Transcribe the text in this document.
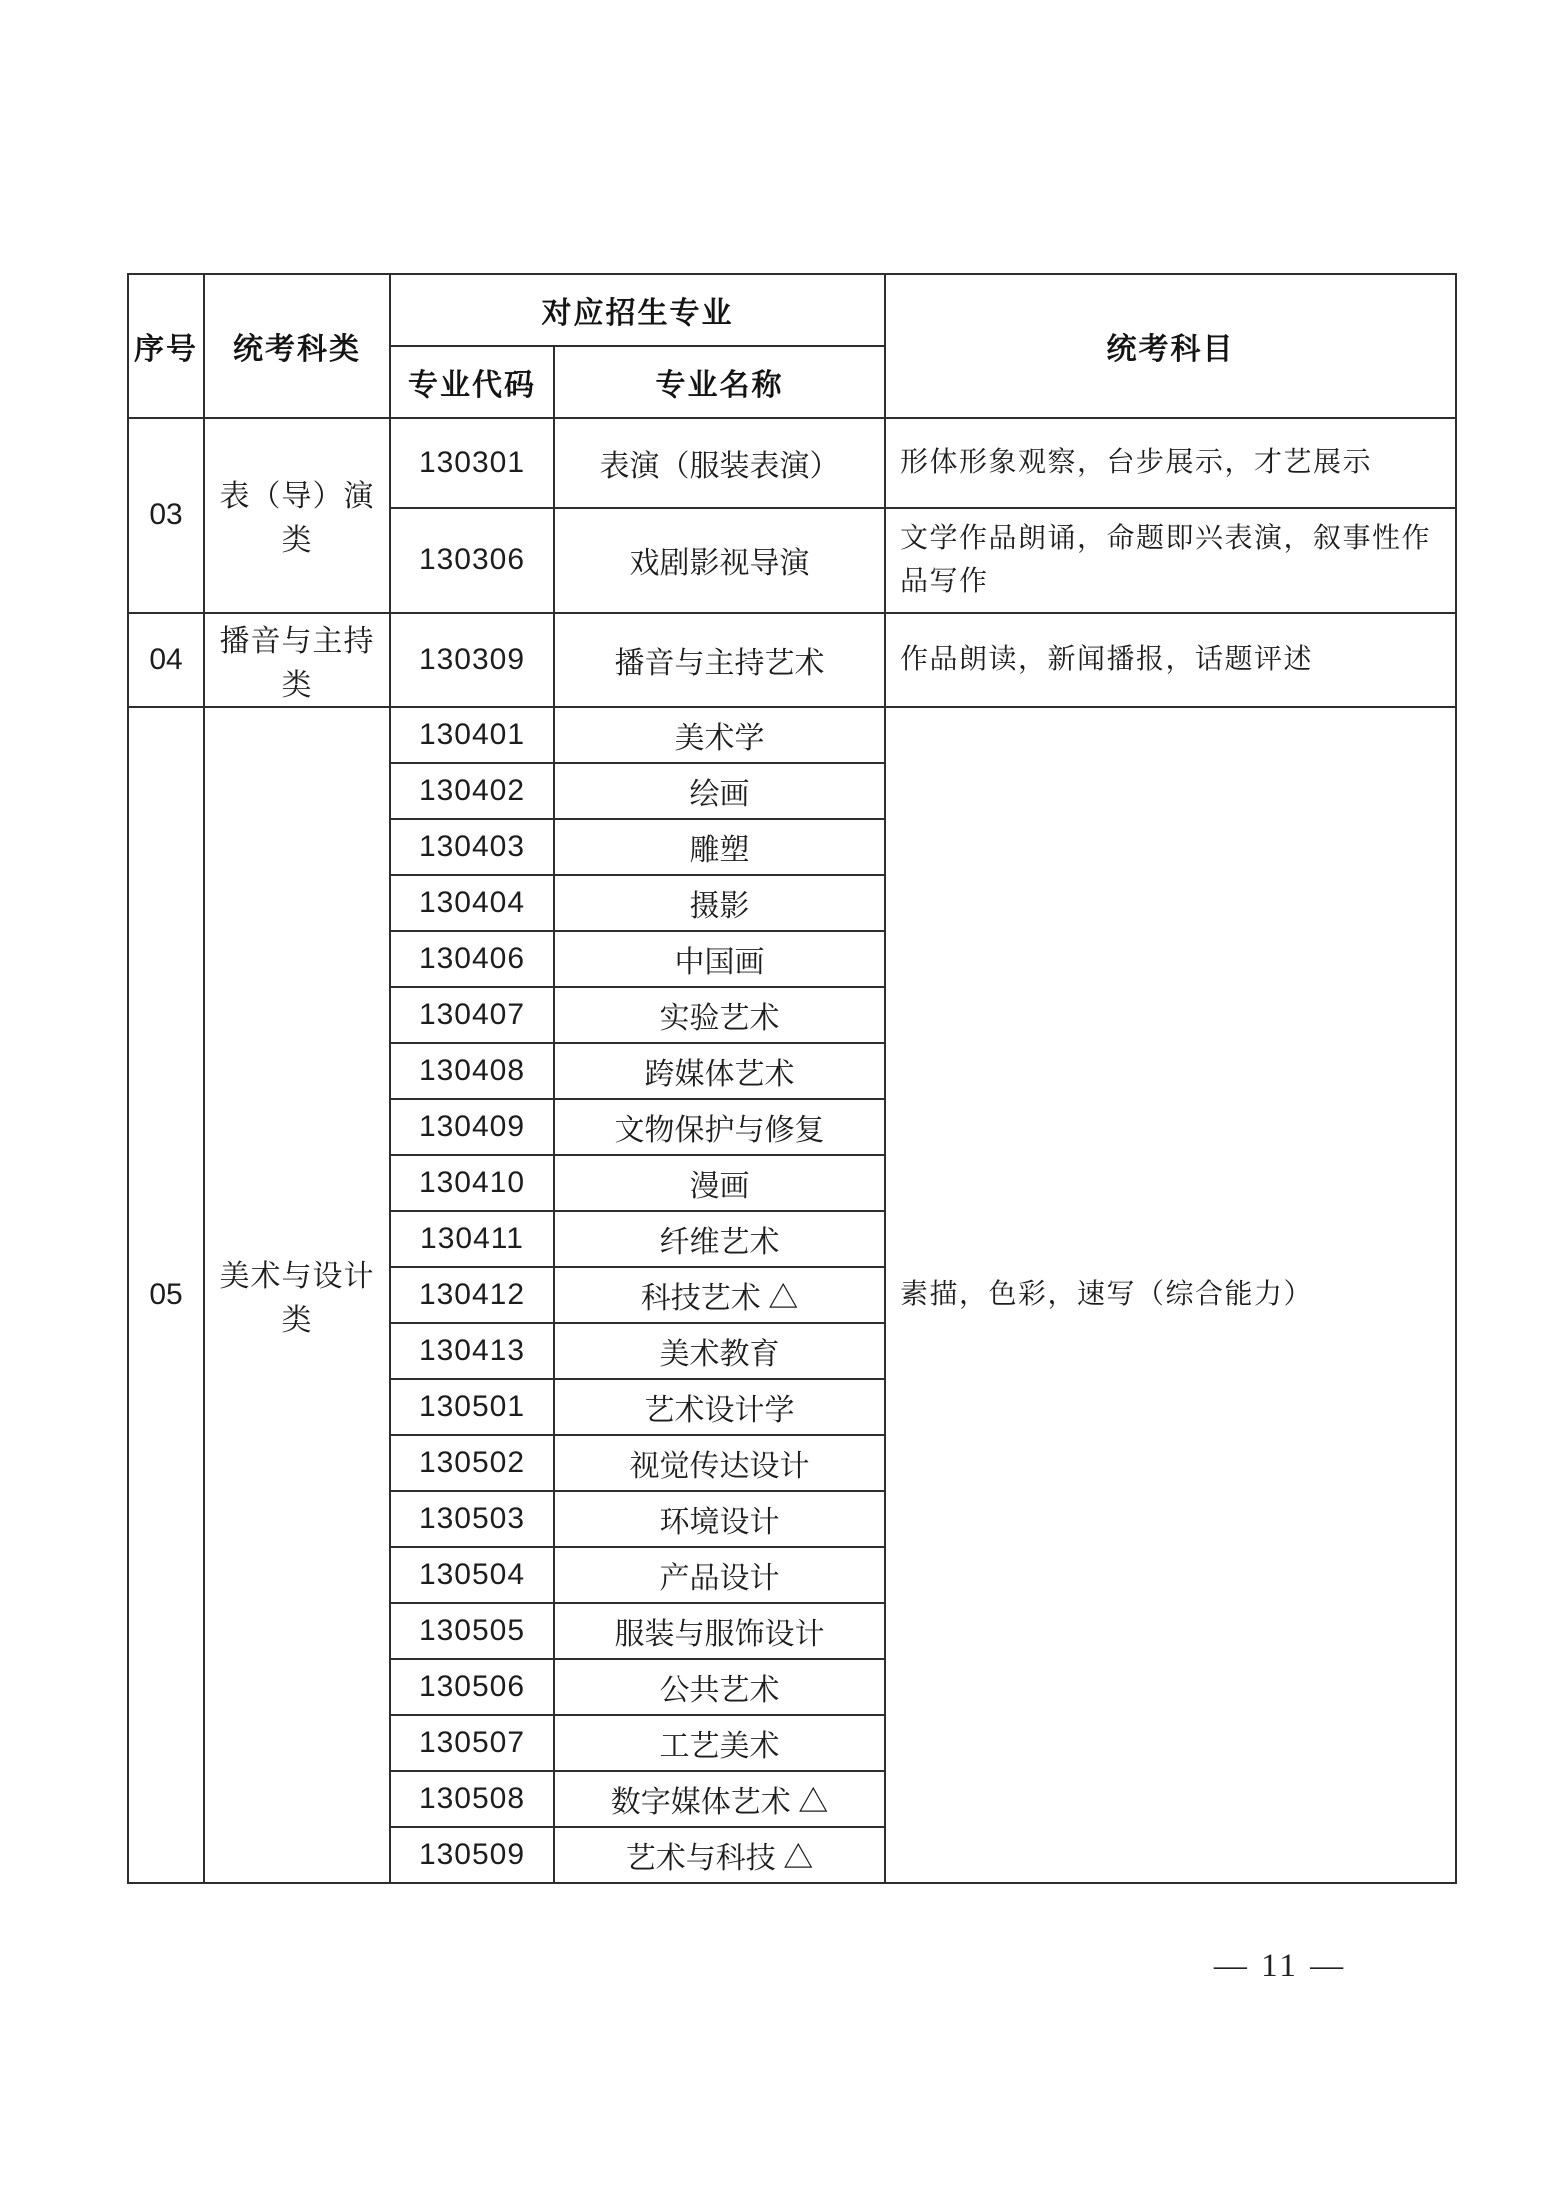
序号	统考科类	对应招生专业		统考科目
		专业代码	专业名称	
03	表（导）演类	130301	表演（服装表演）	形体形象观察，台步展示，才艺展示
		130306	戏剧影视导演	文学作品朗诵，命题即兴表演，叙事性作品写作
04	播音与主持类	130309	播音与主持艺术	作品朗读，新闻播报，话题评述
05	美术与设计类	130401	美术学	素描，色彩，速写（综合能力）
		130402	绘画	
		130403	雕塑	
		130404	摄影	
		130406	中国画	
		130407	实验艺术	
		130408	跨媒体艺术	
		130409	文物保护与修复	
		130410	漫画	
		130411	纤维艺术	
		130412	科技艺术 △	
		130413	美术教育	
		130501	艺术设计学	
		130502	视觉传达设计	
		130503	环境设计	
		130504	产品设计	
		130505	服装与服饰设计	
		130506	公共艺术	
		130507	工艺美术	
		130508	数字媒体艺术 △	
		130509	艺术与科技 △	
— 11 —
